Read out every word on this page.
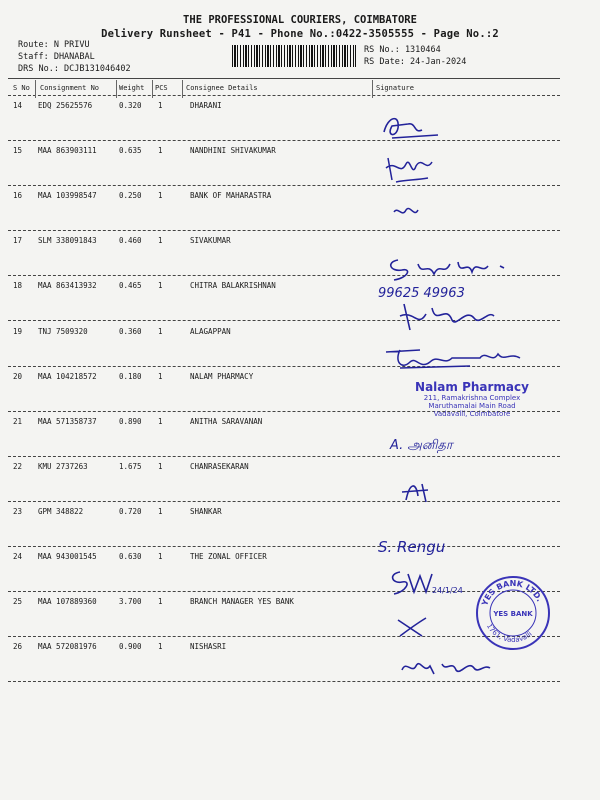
THE PROFESSIONAL COURIERS, COIMBATORE
Delivery Runsheet - P41 - Phone No.:0422-3505555 - Page No.:2
Route: N PRIVU
Staff: DHANABAL
DRS No.: DCJB131046402
RS No.: 1310464
RS Date: 24-Jan-2024
S No Consignment No	Weight PCS	Consignee Details	Signature
14 EDQ 25625576	0.320 1	DHARANI
15 MAA 863903111	0.635 1	NANDHINI SHIVAKUMAR
16 MAA 103998547	0.250 1	BANK OF MAHARASTRA
17 SLM 338091843	0.460 1	SIVAKUMAR
18 MAA 863413932	0.465 1	CHITRA BALAKRISHNAN
19 TNJ 7509320	0.360 1	ALAGAPPAN
20 MAA 104218572	0.180 1	NALAM PHARMACY
21 MAA 571358737	0.890 1	ANITHA SARAVANAN
22 KMU 2737263	1.675 1	CHANRASEKARAN
23 GPM 348822	0.720 1	SHANKAR
24 MAA 943001545	0.630 1	THE ZONAL OFFICER
25 MAA 107889360	3.700 1	BRANCH MANAGER YES BANK
26 MAA 572081976	0.900 1	NISHASRI
99625 49963
Nalam Pharmacy
211, Ramakrishna Complex
Maruthamalai Main Road
Vadavalli, Coimbatore
A. அனிதா
S. Rengu
24/1/24
YES BANK LTD.
1761, Vadavalli
YES BANK
